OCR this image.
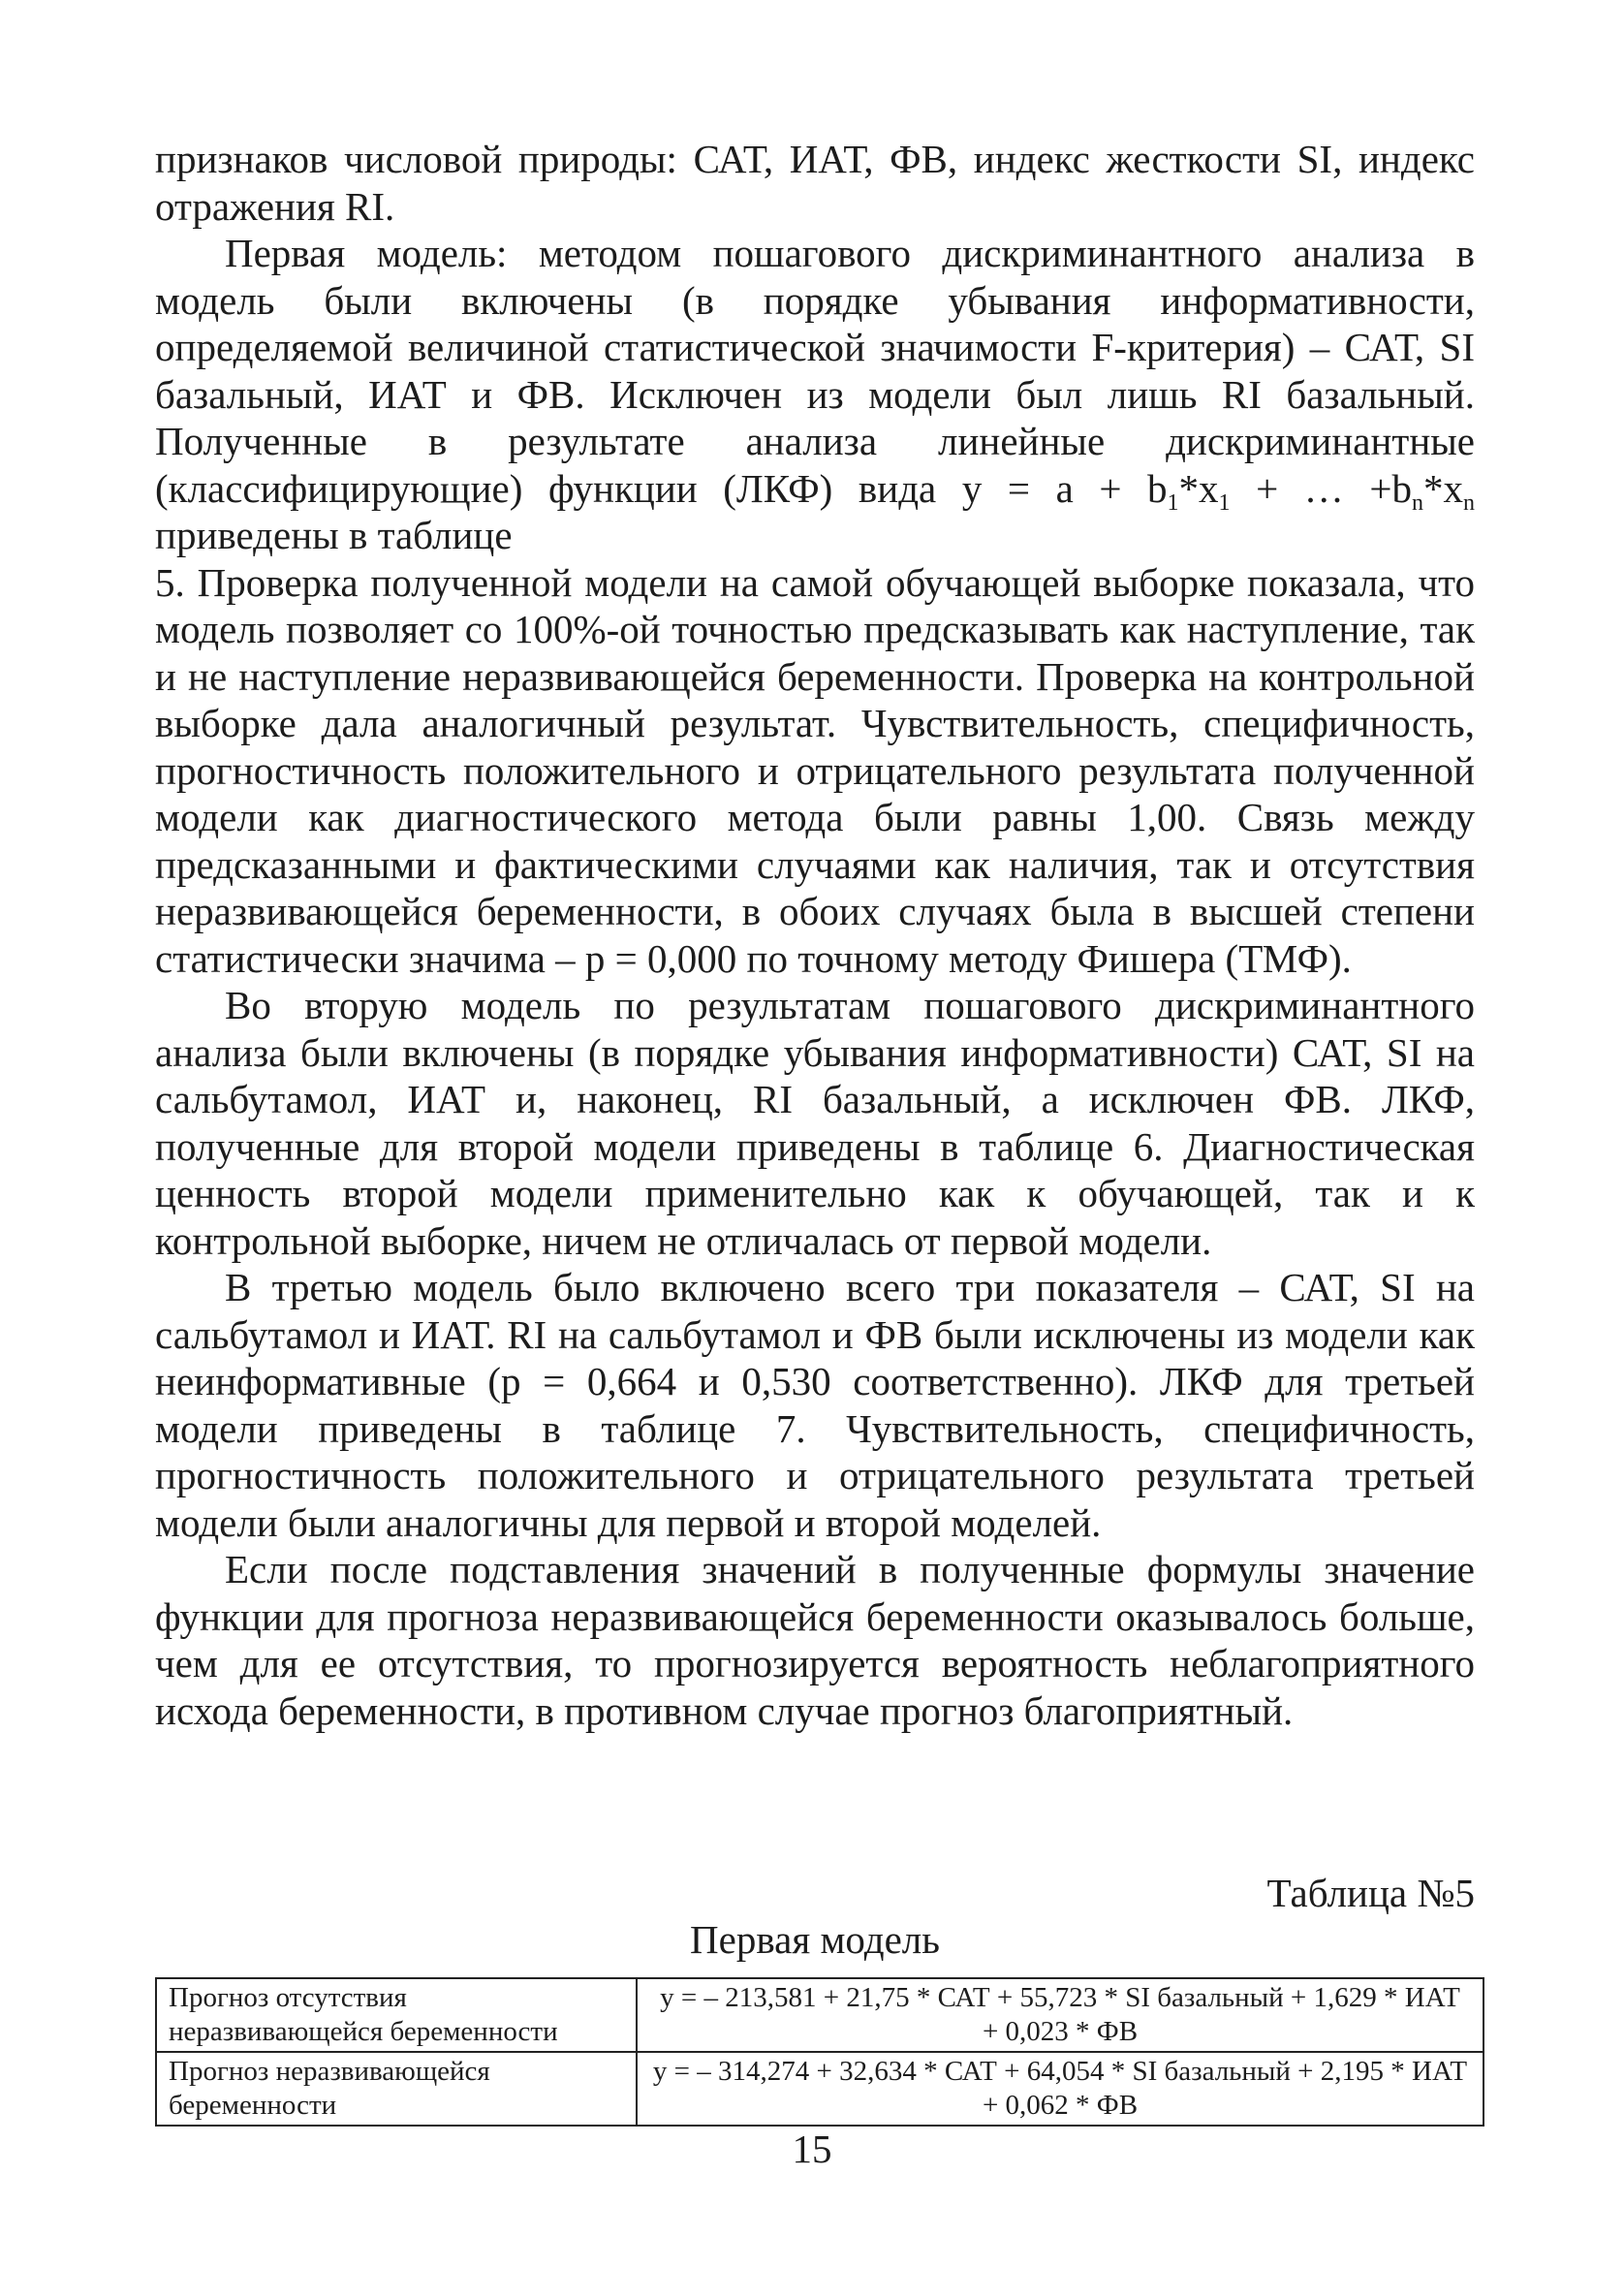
признаков числовой природы: САТ, ИАТ, ФВ, индекс жесткости SI, индекс отражения RI.

Первая модель: методом пошагового дискриминантного анализа в модель были включены (в порядке убывания информативности, определяемой величиной статистической значимости F-критерия) – САТ, SI базальный, ИАТ и ФВ. Исключен из модели был лишь RI базальный. Полученные в результате анализа линейные дискриминантные (классифицирующие) функции (ЛКФ) вида $y = a + b_1*x_1$ + … $+b_n*x_n$ приведены в таблице

5. Проверка полученной модели на самой обучающей выборке показала, что модель позволяет со 100%-ой точностью предсказывать как наступление, так и не наступление неразвивающейся беременности. Проверка на контрольной выборке дала аналогичный результат. Чувствительность, специфичность, прогностичность положительного и отрицательного результата полученной модели как диагностического метода были равны 1,00. Связь между предсказанными и фактическими случаями как наличия, так и отсутствия неразвивающейся беременности, в обоих случаях была в высшей степени статистически значима – p = 0,000 по точному методу Фишера (ТМФ).

Во вторую модель по результатам пошагового дискриминантного анализа были включены (в порядке убывания информативности) САТ, SI на сальбутамол, ИАТ и, наконец, RI базальный, а исключен ФВ. ЛКФ, полученные для второй модели приведены в таблице 6. Диагностическая ценность второй модели применительно как к обучающей, так и к контрольной выборке, ничем не отличалась от первой модели.

В третью модель было включено всего три показателя – САТ, SI на сальбутамол и ИАТ. RI на сальбутамол и ФВ были исключены из модели как неинформативные (p = 0,664 и 0,530 соответственно). ЛКФ для третьей модели приведены в таблице 7. Чувствительность, специфичность, прогностичность положительного и отрицательного результата третьей модели были аналогичны для первой и второй моделей.

Если после подставления значений в полученные формулы значение функции для прогноза неразвивающейся беременности оказывалось больше, чем для ее отсутствия, то прогнозируется вероятность неблагоприятного исхода беременности, в противном случае прогноз благоприятный.

Таблица №5

Первая модель

Прогноз отсутствия неразвивающейся беременности	y = – 213,581 + 21,75 * САТ + 55,723 * SI базальный + 1,629 * ИАТ + 0,023 * ФВ
Прогноз неразвивающейся беременности	y = – 314,274 + 32,634 * САТ + 64,054 * SI базальный + 2,195 * ИАТ + 0,062 * ФВ
15
